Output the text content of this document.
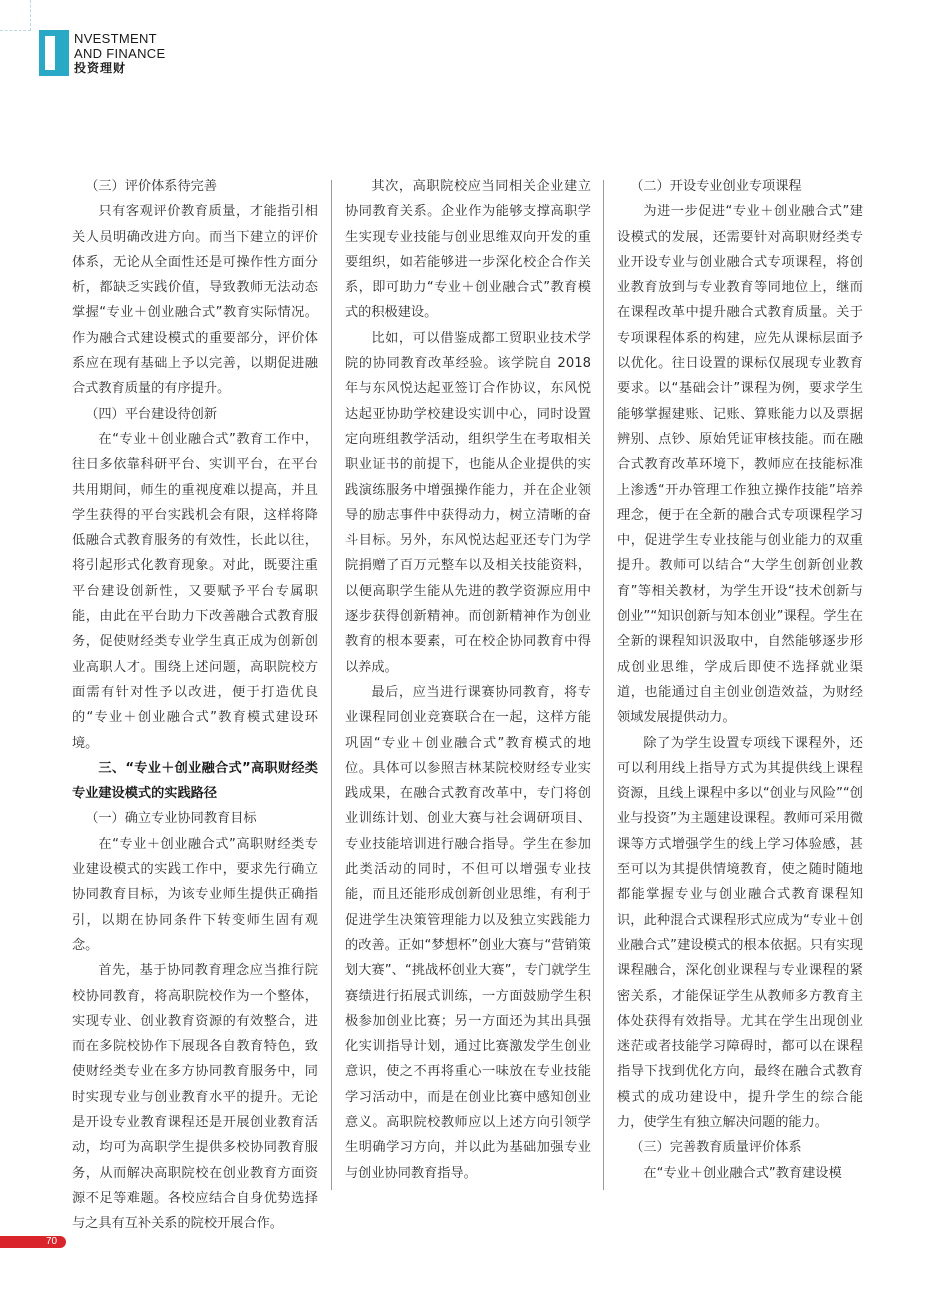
NVESTMENT
AND FINANCE
投资理财

（三）评价体系待完善

只有客观评价教育质量，才能指引相关人员明确改进方向。而当下建立的评价体系，无论从全面性还是可操作性方面分析，都缺乏实践价值，导致教师无法动态掌握“专业＋创业融合式”教育实际情况。作为融合式建设模式的重要部分，评价体系应在现有基础上予以完善，以期促进融合式教育质量的有序提升。

（四）平台建设待创新

在“专业＋创业融合式”教育工作中，往日多依靠科研平台、实训平台，在平台共用期间，师生的重视度难以提高，并且学生获得的平台实践机会有限，这样将降低融合式教育服务的有效性，长此以往，将引起形式化教育现象。对此，既要注重平台建设创新性，又要赋予平台专属职能，由此在平台助力下改善融合式教育服务，促使财经类专业学生真正成为创新创业高职人才。围绕上述问题，高职院校方面需有针对性予以改进，便于打造优良的“专业＋创业融合式”教育模式建设环境。

三、“专业＋创业融合式”高职财经类专业建设模式的实践路径

（一）确立专业协同教育目标

在“专业＋创业融合式”高职财经类专业建设模式的实践工作中，要求先行确立协同教育目标，为该专业师生提供正确指引，以期在协同条件下转变师生固有观念。

首先，基于协同教育理念应当推行院校协同教育，将高职院校作为一个整体，实现专业、创业教育资源的有效整合，进而在多院校协作下展现各自教育特色，致使财经类专业在多方协同教育服务中，同时实现专业与创业教育水平的提升。无论是开设专业教育课程还是开展创业教育活动，均可为高职学生提供多校协同教育服务，从而解决高职院校在创业教育方面资源不足等难题。各校应结合自身优势选择与之具有互补关系的院校开展合作。

其次，高职院校应当同相关企业建立协同教育关系。企业作为能够支撑高职学生实现专业技能与创业思维双向开发的重要组织，如若能够进一步深化校企合作关系，即可助力“专业＋创业融合式”教育模式的积极建设。

比如，可以借鉴成都工贸职业技术学院的协同教育改革经验。该学院自 2018 年与东风悦达起亚签订合作协议，东风悦达起亚协助学校建设实训中心，同时设置定向班组教学活动，组织学生在考取相关职业证书的前提下，也能从企业提供的实践演练服务中增强操作能力，并在企业领导的励志事件中获得动力，树立清晰的奋斗目标。另外，东风悦达起亚还专门为学院捐赠了百万元整车以及相关技能资料，以便高职学生能从先进的教学资源应用中逐步获得创新精神。而创新精神作为创业教育的根本要素，可在校企协同教育中得以养成。

最后，应当进行课赛协同教育，将专业课程同创业竞赛联合在一起，这样方能巩固“专业＋创业融合式”教育模式的地位。具体可以参照吉林某院校财经专业实践成果，在融合式教育改革中，专门将创业训练计划、创业大赛与社会调研项目、专业技能培训进行融合指导。学生在参加此类活动的同时，不但可以增强专业技能，而且还能形成创新创业思维，有利于促进学生决策管理能力以及独立实践能力的改善。正如“梦想杯”创业大赛与“营销策划大赛”、“挑战杯创业大赛”，专门就学生赛绩进行拓展式训练，一方面鼓励学生积极参加创业比赛；另一方面还为其出具强化实训指导计划，通过比赛激发学生创业意识，使之不再将重心一味放在专业技能学习活动中，而是在创业比赛中感知创业意义。高职院校教师应以上述方向引领学生明确学习方向，并以此为基础加强专业与创业协同教育指导。

（二）开设专业创业专项课程

为进一步促进“专业＋创业融合式”建设模式的发展，还需要针对高职财经类专业开设专业与创业融合式专项课程，将创业教育放到与专业教育等同地位上，继而在课程改革中提升融合式教育质量。关于专项课程体系的构建，应先从课标层面予以优化。往日设置的课标仅展现专业教育要求。以“基础会计”课程为例，要求学生能够掌握建账、记账、算账能力以及票据辨别、点钞、原始凭证审核技能。而在融合式教育改革环境下，教师应在技能标准上渗透“开办管理工作独立操作技能”培养理念，便于在全新的融合式专项课程学习中，促进学生专业技能与创业能力的双重提升。教师可以结合“大学生创新创业教育”等相关教材，为学生开设“技术创新与创业”“知识创新与知本创业”课程。学生在全新的课程知识汲取中，自然能够逐步形成创业思维，学成后即使不选择就业渠道，也能通过自主创业创造效益，为财经领域发展提供动力。

除了为学生设置专项线下课程外，还可以利用线上指导方式为其提供线上课程资源，且线上课程中多以“创业与风险”“创业与投资”为主题建设课程。教师可采用微课等方式增强学生的线上学习体验感，甚至可以为其提供情境教育，使之随时随地都能掌握专业与创业融合式教育课程知识，此种混合式课程形式应成为“专业＋创业融合式”建设模式的根本依据。只有实现课程融合，深化创业课程与专业课程的紧密关系，才能保证学生从教师多方教育主体处获得有效指导。尤其在学生出现创业迷茫或者技能学习障碍时，都可以在课程指导下找到优化方向，最终在融合式教育模式的成功建设中，提升学生的综合能力，使学生有独立解决问题的能力。

（三）完善教育质量评价体系

在“专业＋创业融合式”教育建设模

70
